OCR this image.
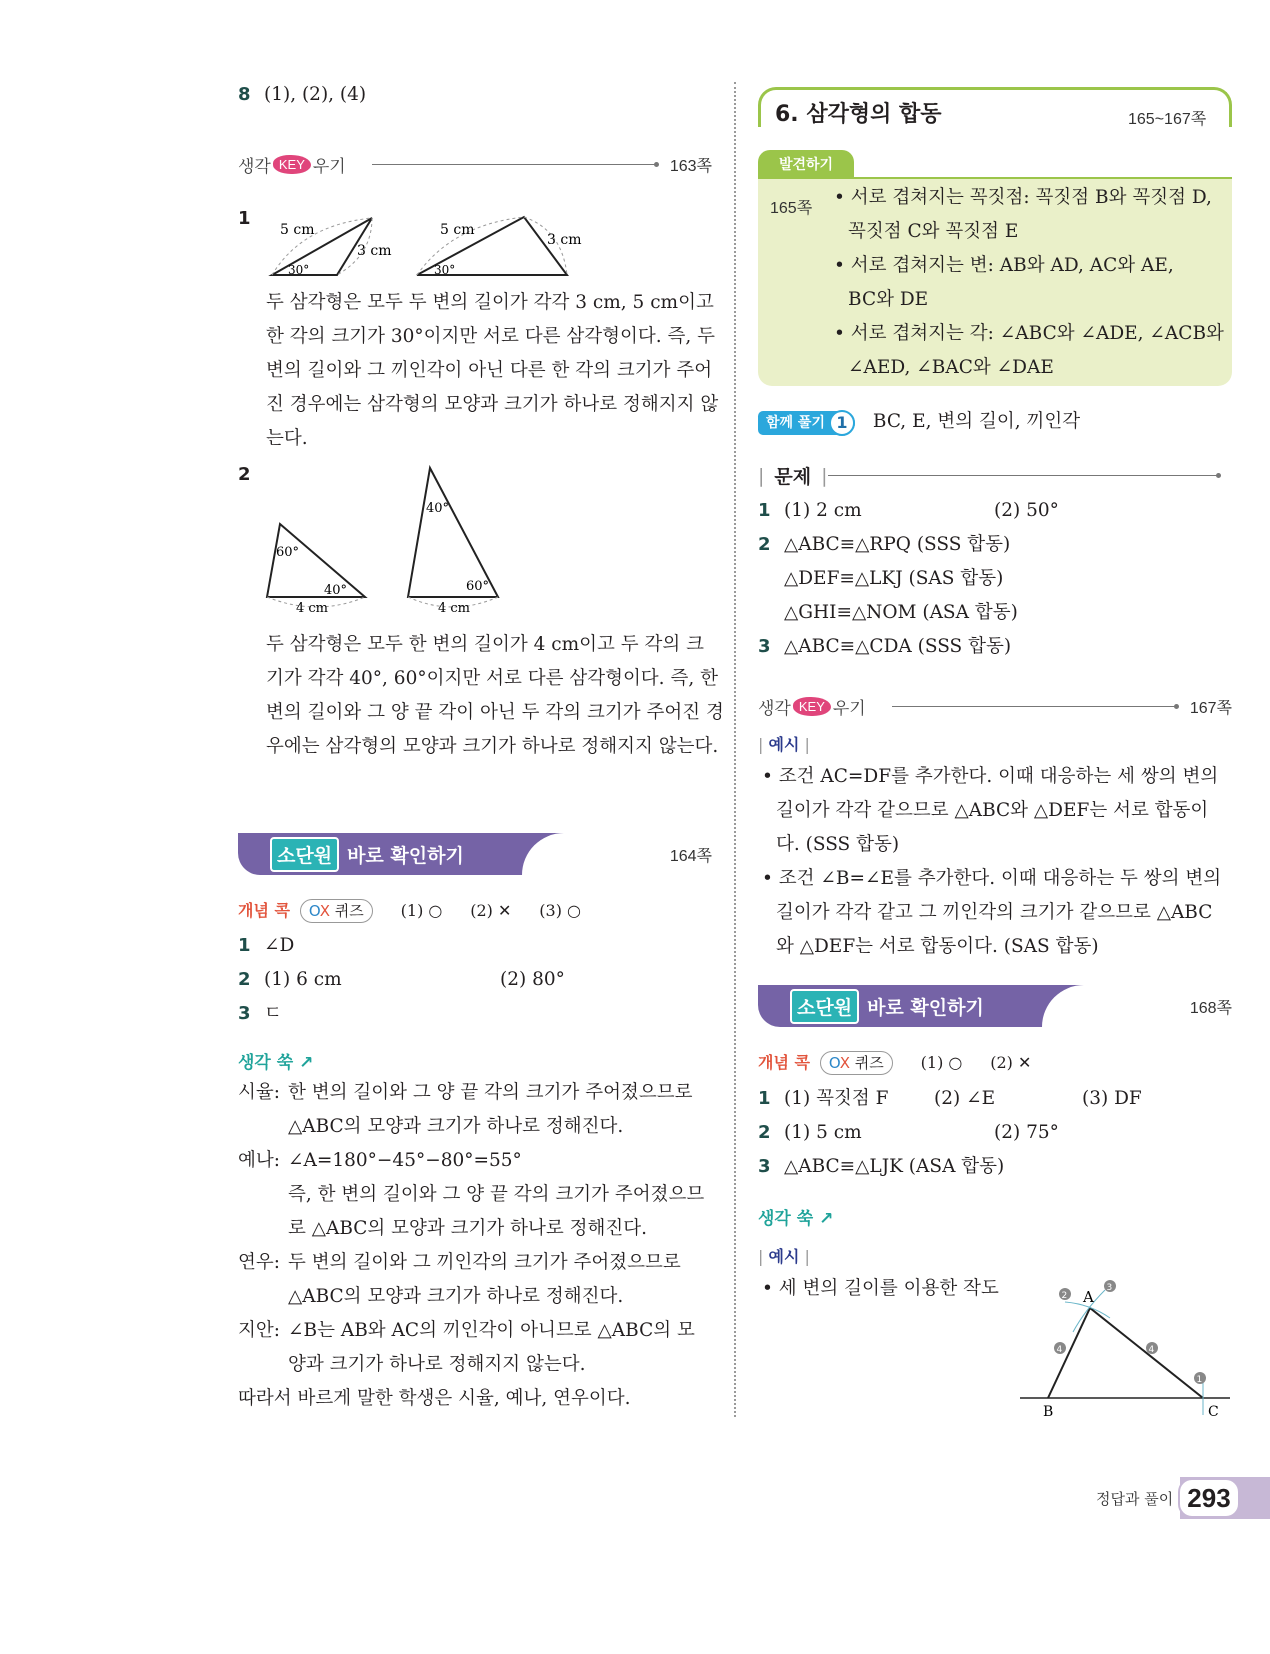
8 (1), (2), (4)
생각 KEY 우기	163쪽
1
5 cm
3 cm
30°
5 cm
3 cm
30°
두 삼각형은 모두 두 변의 길이가 각각 3 cm, 5 cm이고
한 각의 크기가 30°이지만 서로 다른 삼각형이다. 즉, 두
변의 길이와 그 끼인각이 아닌 다른 한 각의 크기가 주어
진 경우에는 삼각형의 모양과 크기가 하나로 정해지지 않
는다.
2
60°
40°
4 cm
40°
60°
4 cm
두 삼각형은 모두 한 변의 길이가 4 cm이고 두 각의 크
기가 각각 40°, 60°이지만 서로 다른 삼각형이다. 즉, 한
변의 길이와 그 양 끝 각이 아닌 두 각의 크기가 주어진 경
우에는 삼각형의 모양과 크기가 하나로 정해지지 않는다.
소단원 바로 확인하기	164쪽
개념 콕 OX 퀴즈 (1) ○ (2) ✕ (3) ○
1 ∠D
2 (1) 6 cm	(2) 80°
3 ㄷ
생각 쑥 ↗
시율: 한 변의 길이와 그 양 끝 각의 크기가 주어졌으므로
△ABC의 모양과 크기가 하나로 정해진다.
예나: ∠A=180°−45°−80°=55°
즉, 한 변의 길이와 그 양 끝 각의 크기가 주어졌으므
로 △ABC의 모양과 크기가 하나로 정해진다.
연우: 두 변의 길이와 그 끼인각의 크기가 주어졌으므로
△ABC의 모양과 크기가 하나로 정해진다.
지안: ∠B는 AB와 AC의 끼인각이 아니므로 △ABC의 모
양과 크기가 하나로 정해지지 않는다.
따라서 바르게 말한 학생은 시율, 예나, 연우이다.
6. 삼각형의 합동	165~167쪽
발견하기
165쪽
• 서로 겹쳐지는 꼭짓점: 꼭짓점 B와 꼭짓점 D,
꼭짓점 C와 꼭짓점 E
• 서로 겹쳐지는 변: AB와 AD, AC와 AE,
BC와 DE
• 서로 겹쳐지는 각: ∠ABC와 ∠ADE, ∠ACB와
∠AED, ∠BAC와 ∠DAE
함께 풀기 1	BC, E, 변의 길이, 끼인각
| 문제 |
1 (1) 2 cm	(2) 50°
2 △ABC≡△RPQ (SSS 합동)
△DEF≡△LKJ (SAS 합동)
△GHI≡△NOM (ASA 합동)
3 △ABC≡△CDA (SSS 합동)
생각 KEY 우기	167쪽
| 예시 |
• 조건 AC=DF를 추가한다. 이때 대응하는 세 쌍의 변의
길이가 각각 같으므로 △ABC와 △DEF는 서로 합동이
다. (SSS 합동)
• 조건 ∠B=∠E를 추가한다. 이때 대응하는 두 쌍의 변의
길이가 각각 같고 그 끼인각의 크기가 같으므로 △ABC
와 △DEF는 서로 합동이다. (SAS 합동)
소단원 바로 확인하기	168쪽
개념 콕 OX 퀴즈 (1) ○ (2) ✕
1 (1) 꼭짓점 F (2) ∠E	(3) DF
2 (1) 5 cm	(2) 75°
3 △ABC≡△LJK (ASA 합동)
생각 쑥 ↗
| 예시 |
• 세 변의 길이를 이용한 작도	A
B	C
2
3
4	4
1
정답과 풀이 293
